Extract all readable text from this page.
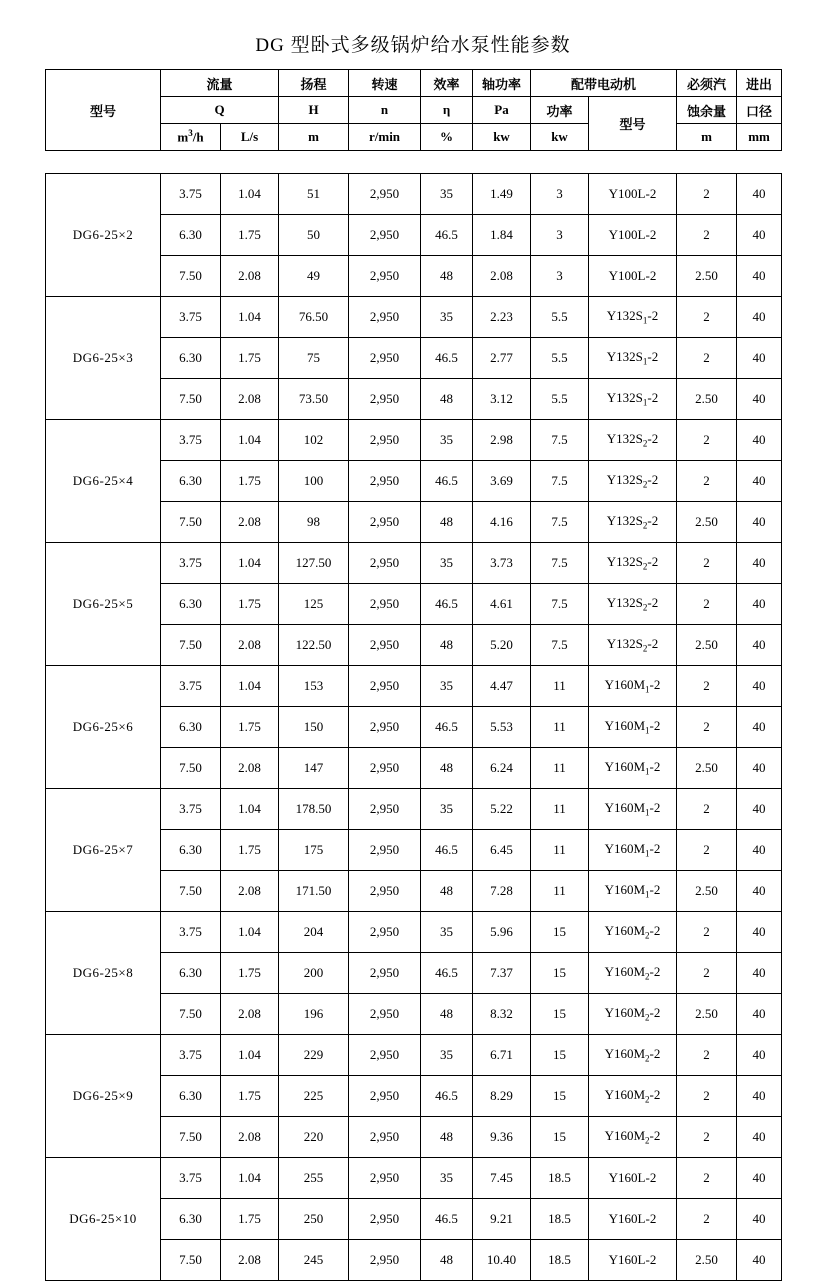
DG 型卧式多级锅炉给水泵性能参数
型号	流量		扬程	转速	效率	轴功率	配带电动机		必须汽	进出
	Q		H	n	η	Pa	功率	型号	蚀余量	口径
	$m^3/h$	L/s	m	r/min	%	kw	kw		m	mm
DG6-25×2	3.75	1.04	51	2,950	35	1.49	3	Y100L-2	2	40
	6.30	1.75	50	2,950	46.5	1.84	3	Y100L-2	2	40
	7.50	2.08	49	2,950	48	2.08	3	Y100L-2	2.50	40
DG6-25×3	3.75	1.04	76.50	2,950	35	2.23	5.5	$Y132S_1-2$	2	40
	6.30	1.75	75	2,950	46.5	2.77	5.5	$Y132S_1-2$	2	40
	7.50	2.08	73.50	2,950	48	3.12	5.5	$Y132S_1-2$	2.50	40
DG6-25×4	3.75	1.04	102	2,950	35	2.98	7.5	$Y132S_2-2$	2	40
	6.30	1.75	100	2,950	46.5	3.69	7.5	$Y132S_2-2$	2	40
	7.50	2.08	98	2,950	48	4.16	7.5	$Y132S_2-2$	2.50	40
DG6-25×5	3.75	1.04	127.50	2,950	35	3.73	7.5	$Y132S_2-2$	2	40
	6.30	1.75	125	2,950	46.5	4.61	7.5	$Y132S_2-2$	2	40
	7.50	2.08	122.50	2,950	48	5.20	7.5	$Y132S_2-2$	2.50	40
DG6-25×6	3.75	1.04	153	2,950	35	4.47	11	$Y160M_1-2$	2	40
	6.30	1.75	150	2,950	46.5	5.53	11	$Y160M_1-2$	2	40
	7.50	2.08	147	2,950	48	6.24	11	$Y160M_1-2$	2.50	40
DG6-25×7	3.75	1.04	178.50	2,950	35	5.22	11	$Y160M_1-2$	2	40
	6.30	1.75	175	2,950	46.5	6.45	11	$Y160M_1-2$	2	40
	7.50	2.08	171.50	2,950	48	7.28	11	$Y160M_1-2$	2.50	40
DG6-25×8	3.75	1.04	204	2,950	35	5.96	15	$Y160M_2-2$	2	40
	6.30	1.75	200	2,950	46.5	7.37	15	$Y160M_2-2$	2	40
	7.50	2.08	196	2,950	48	8.32	15	$Y160M_2-2$	2.50	40
DG6-25×9	3.75	1.04	229	2,950	35	6.71	15	$Y160M_2-2$	2	40
	6.30	1.75	225	2,950	46.5	8.29	15	$Y160M_2-2$	2	40
	7.50	2.08	220	2,950	48	9.36	15	$Y160M_2-2$	2	40
DG6-25×10	3.75	1.04	255	2,950	35	7.45	18.5	Y160L-2	2	40
	6.30	1.75	250	2,950	46.5	9.21	18.5	Y160L-2	2	40
	7.50	2.08	245	2,950	48	10.40	18.5	Y160L-2	2.50	40
